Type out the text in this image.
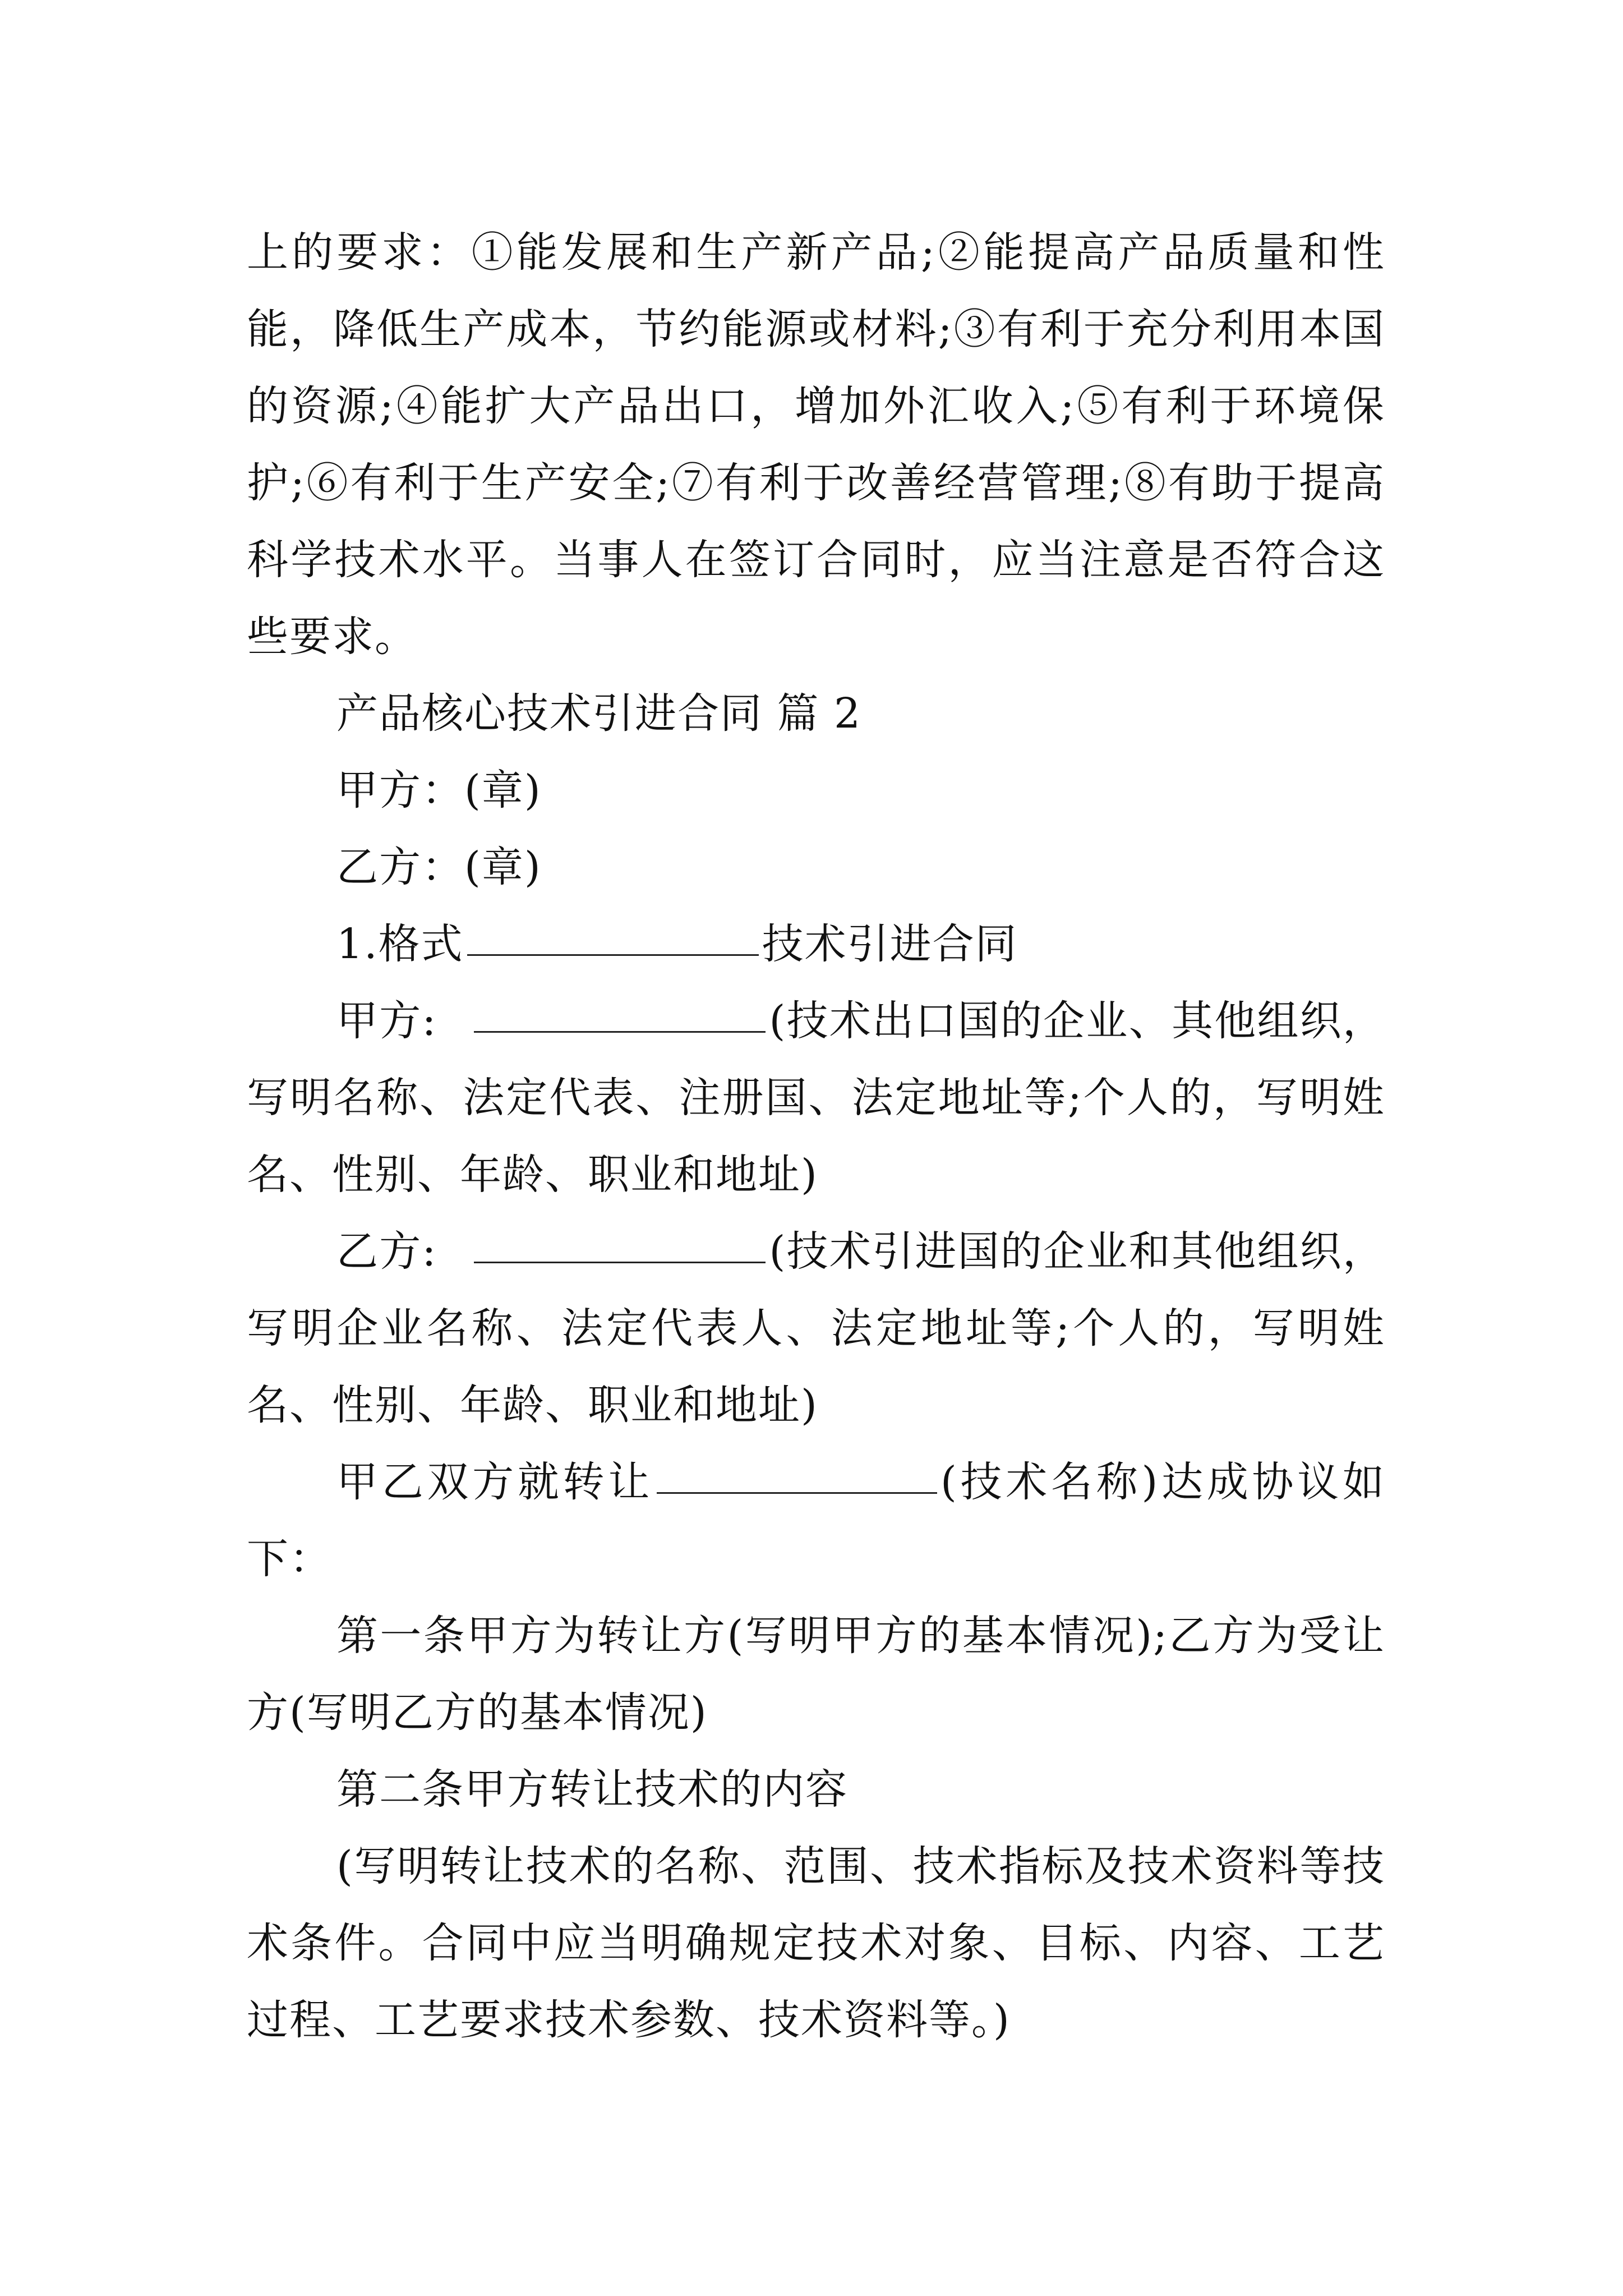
上的要求：①能发展和生产新产品;②能提高产品质量和性能，降低生产成本，节约能源或材料;③有利于充分利用本国的资源;④能扩大产品出口，增加外汇收入;⑤有利于环境保护;⑥有利于生产安全;⑦有利于改善经营管理;⑧有助于提高科学技术水平。当事人在签订合同时，应当注意是否符合这些要求。

产品核心技术引进合同 篇 2

甲方：(章)

乙方：(章)

1.格式	技术引进合同

甲方:	(技术出口国的企业、其他组织，写明名称、法定代表、注册国、法定地址等;个人的，写明姓名、性别、年龄、职业和地址)

乙方:	(技术引进国的企业和其他组织，写明企业名称、法定代表人、法定地址等;个人的，写明姓名、性别、年龄、职业和地址)

甲乙双方就转让	(技术名称)达成协议如下：

第一条甲方为转让方(写明甲方的基本情况);乙方为受让方(写明乙方的基本情况)

第二条甲方转让技术的内容

(写明转让技术的名称、范围、技术指标及技术资料等技术条件。合同中应当明确规定技术对象、目标、内容、工艺过程、工艺要求技术参数、技术资料等。)
